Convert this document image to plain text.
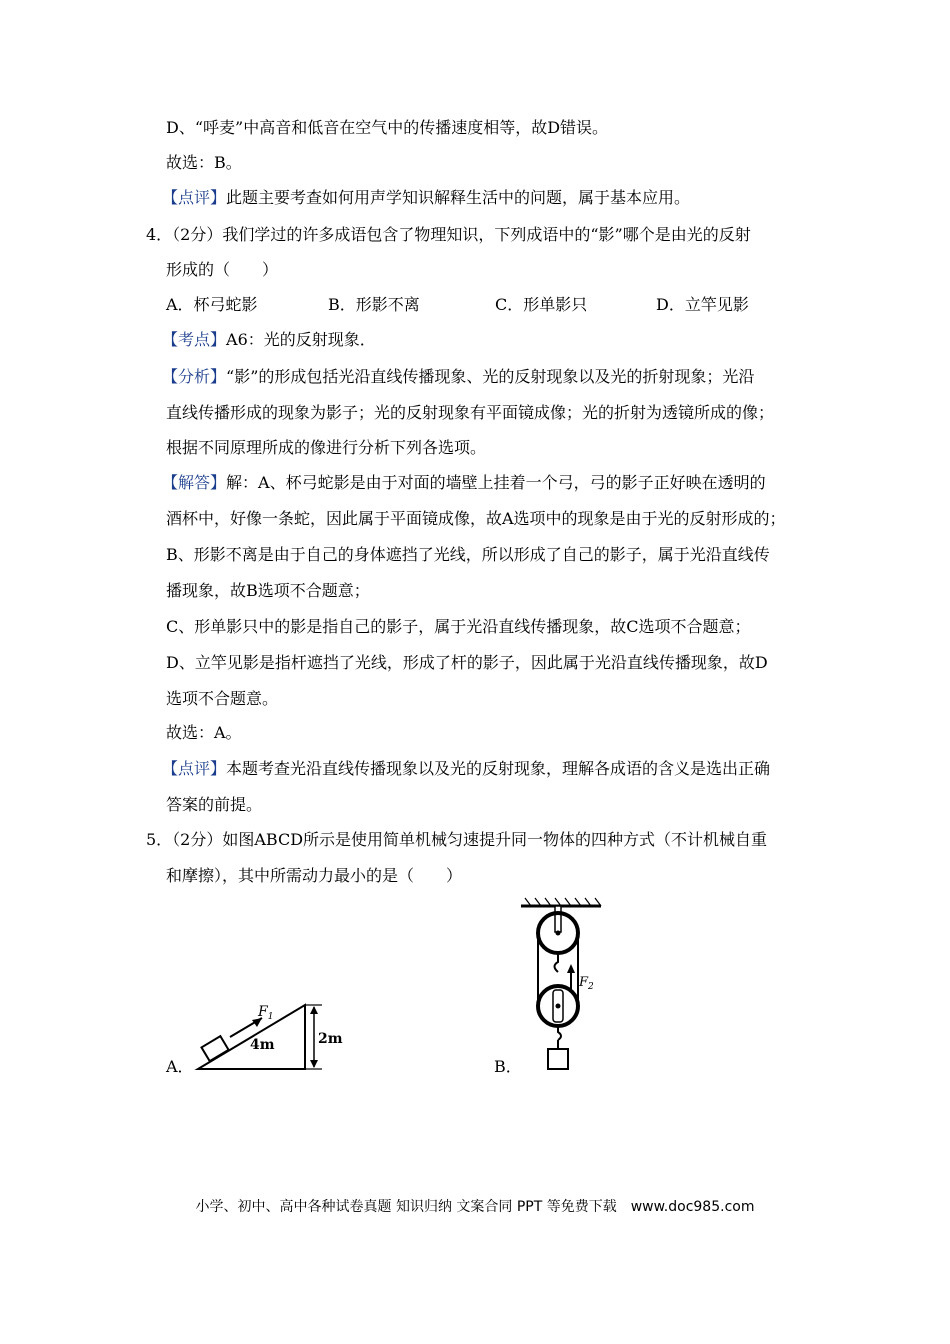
D、“呼麦”中高音和低音在空气中的传播速度相等，故D错误。
故选：B。
【点评】此题主要考查如何用声学知识解释生活中的问题，属于基本应用。
4．（2分）我们学过的许多成语包含了物理知识，下列成语中的“影”哪个是由光的反射
形成的（　　）
A．杯弓蛇影	B．形影不离	C．形单影只	D．立竿见影
【考点】A6：光的反射现象．
【分析】“影”的形成包括光沿直线传播现象、光的反射现象以及光的折射现象；光沿
直线传播形成的现象为影子；光的反射现象有平面镜成像；光的折射为透镜所成的像；
根据不同原理所成的像进行分析下列各选项。
【解答】解：A、杯弓蛇影是由于对面的墙壁上挂着一个弓，弓的影子正好映在透明的
酒杯中，好像一条蛇，因此属于平面镜成像，故A选项中的现象是由于光的反射形成的；
B、形影不离是由于自己的身体遮挡了光线，所以形成了自己的影子，属于光沿直线传
播现象，故B选项不合题意；
C、形单影只中的影是指自己的影子，属于光沿直线传播现象，故C选项不合题意；
D、立竿见影是指杆遮挡了光线，形成了杆的影子，因此属于光沿直线传播现象，故D
选项不合题意。
故选：A。
【点评】本题考查光沿直线传播现象以及光的反射现象，理解各成语的含义是选出正确
答案的前提。
5．（2分）如图ABCD所示是使用简单机械匀速提升同一物体的四种方式（不计机械自重
和摩擦），其中所需动力最小的是（　　）
A．
$F_1$
4m	2m
B．
$F_2$
小学、初中、高中各种试卷真题 知识归纳 文案合同 PPT 等免费下载　www.doc985.com
